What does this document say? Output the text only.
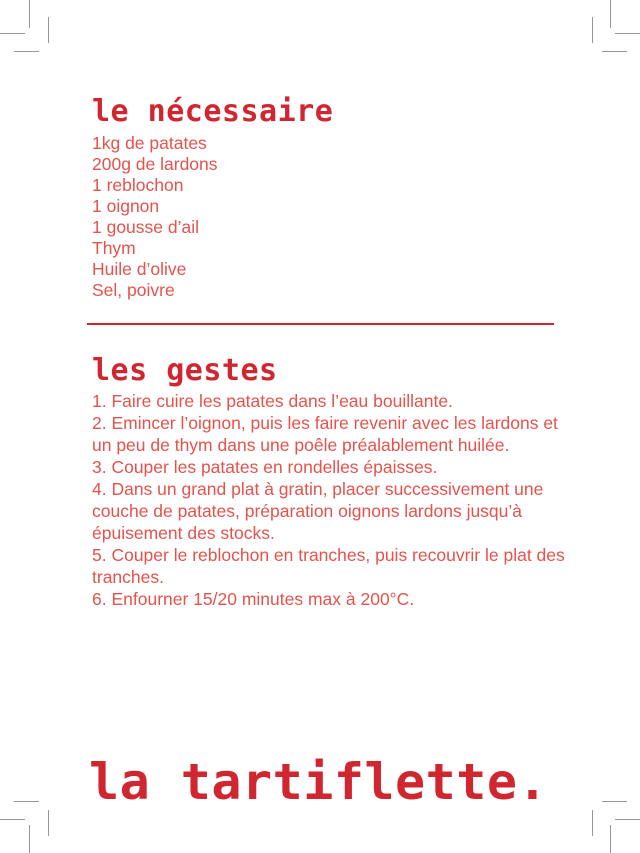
le nécessaire
1kg de patates
200g de lardons
1 reblochon
1 oignon
1 gousse d’ail
Thym
Huile d’olive
Sel, poivre
les gestes
1. Faire cuire les patates dans l’eau bouillante.
2. Emincer l’oignon, puis les faire revenir avec les lardons et un peu de thym dans une poêle préalablement huilée.
3. Couper les patates en rondelles épaisses.
4. Dans un grand plat à gratin, placer successivement une couche de patates, préparation oignons lardons jusqu’à épuisement des stocks.
5. Couper le reblochon en tranches, puis recouvrir le plat des tranches.
6. Enfourner 15/20 minutes max à 200°C.
la tartiflette.
